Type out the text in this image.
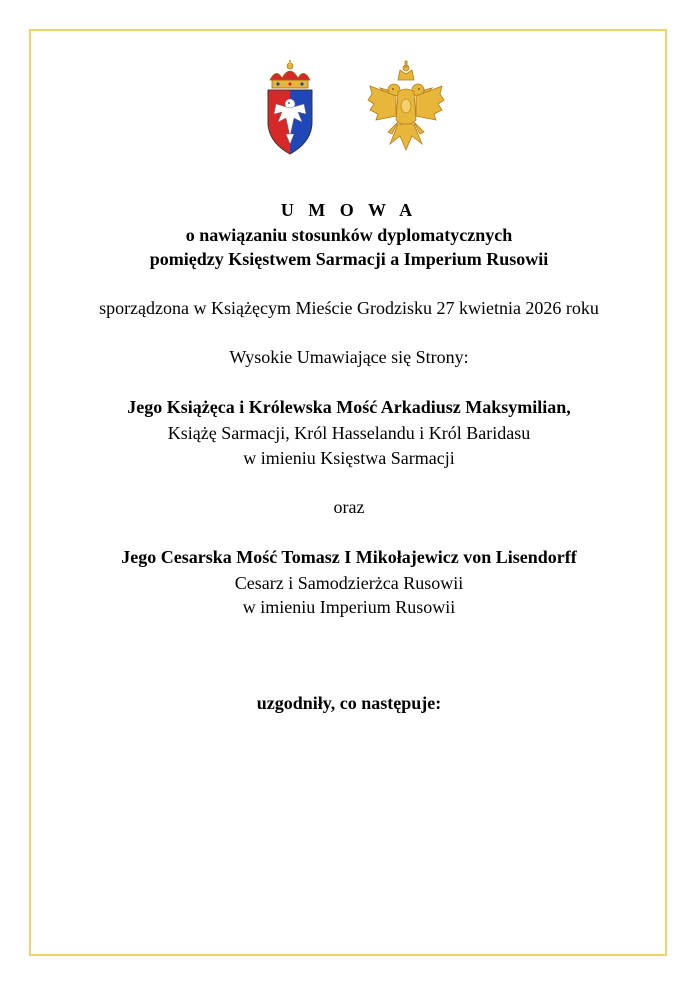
U M O W A
o nawiązaniu stosunków dyplomatycznych
pomiędzy Księstwem Sarmacji a Imperium Rusowii
sporządzona w Książęcym Mieście Grodzisku 27 kwietnia 2026 roku
Wysokie Umawiające się Strony:
Jego Książęca i Królewska Mość Arkadiusz Maksymilian,
Książę Sarmacji, Król Hasselandu i Król Baridasu
w imieniu Księstwa Sarmacji
oraz
Jego Cesarska Mość Tomasz I Mikołajewicz von Lisendorff
Cesarz i Samodzierżca Rusowii
w imieniu Imperium Rusowii
uzgodniły, co następuje:
